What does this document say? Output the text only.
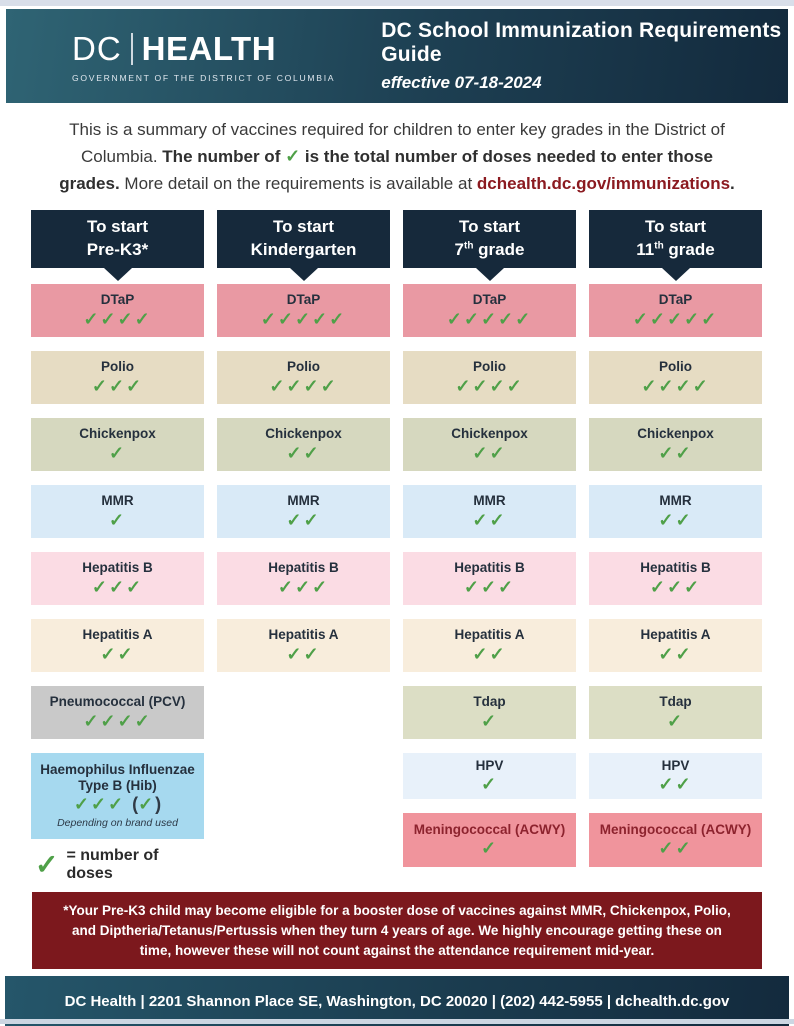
DC HEALTH
GOVERNMENT OF THE DISTRICT OF COLUMBIA
DC School Immunization Requirements Guide
effective 07-18-2024

This is a summary of vaccines required for children to enter key grades in the District of Columbia. The number of ✓ is the total number of doses needed to enter those grades. More detail on the requirements is available at dchealth.dc.gov/immunizations.

To start
Pre-K3*
DTaP
✓✓✓✓
Polio
✓✓✓
Chickenpox
✓
MMR
✓
Hepatitis B
✓✓✓
Hepatitis A
✓✓
Pneumococcal (PCV)
✓✓✓✓
Haemophilus Influenzae Type B (Hib)
✓✓✓ (✓)
Depending on brand used
✓ = number of doses
To start
Kindergarten
DTaP
✓✓✓✓✓
Polio
✓✓✓✓
Chickenpox
✓✓
MMR
✓✓
Hepatitis B
✓✓✓
Hepatitis A
✓✓
To start
7th grade
DTaP
✓✓✓✓✓
Polio
✓✓✓✓
Chickenpox
✓✓
MMR
✓✓
Hepatitis B
✓✓✓
Hepatitis A
✓✓
Tdap
✓
HPV
✓
Meningococcal (ACWY)
✓
To start
11th grade
DTaP
✓✓✓✓✓
Polio
✓✓✓✓
Chickenpox
✓✓
MMR
✓✓
Hepatitis B
✓✓✓
Hepatitis A
✓✓
Tdap
✓
HPV
✓✓
Meningococcal (ACWY)
✓✓
*Your Pre-K3 child may become eligible for a booster dose of vaccines against MMR, Chickenpox, Polio, and Diptheria/Tetanus/Pertussis when they turn 4 years of age. We highly encourage getting these on time, however these will not count against the attendance requirement mid-year.
DC Health | 2201 Shannon Place SE, Washington, DC 20020 | (202) 442-5955 | dchealth.dc.gov
